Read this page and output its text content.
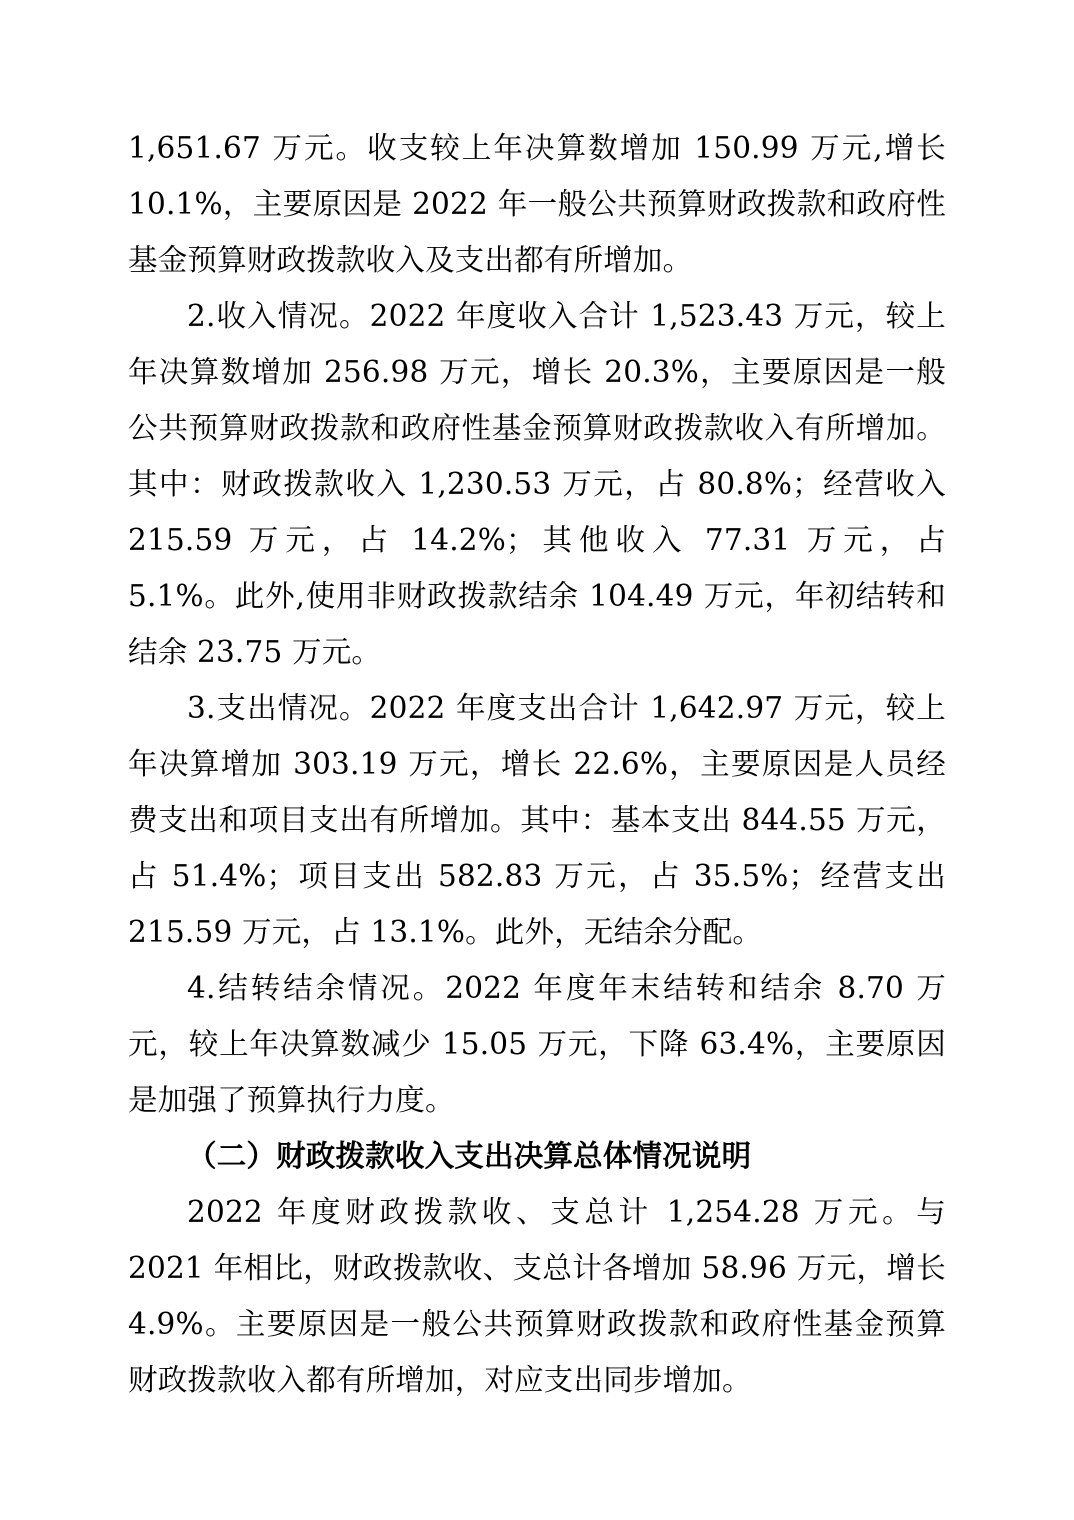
1,651.67 万元。收支较上年决算数增加 150.99 万元,增长 10.1%，主要原因是 2022 年一般公共预算财政拨款和政府性基金预算财政拨款收入及支出都有所增加。

2.收入情况。2022 年度收入合计 1,523.43 万元，较上年决算数增加 256.98 万元，增长 20.3%，主要原因是一般公共预算财政拨款和政府性基金预算财政拨款收入有所增加。其中：财政拨款收入 1,230.53 万元，占 80.8%；经营收入 215.59 万元，占 14.2%；其他收入 77.31 万元，占 5.1%。此外,使用非财政拨款结余 104.49 万元，年初结转和结余 23.75 万元。

3.支出情况。2022 年度支出合计 1,642.97 万元，较上年决算增加 303.19 万元，增长 22.6%，主要原因是人员经费支出和项目支出有所增加。其中：基本支出 844.55 万元，占 51.4%；项目支出 582.83 万元，占 35.5%；经营支出 215.59 万元，占 13.1%。此外，无结余分配。

4.结转结余情况。2022 年度年末结转和结余 8.70 万元，较上年决算数减少 15.05 万元，下降 63.4%，主要原因是加强了预算执行力度。

（二）财政拨款收入支出决算总体情况说明

2022 年度财政拨款收、支总计 1,254.28 万元。与 2021 年相比，财政拨款收、支总计各增加 58.96 万元，增长 4.9%。主要原因是一般公共预算财政拨款和政府性基金预算财政拨款收入都有所增加，对应支出同步增加。
